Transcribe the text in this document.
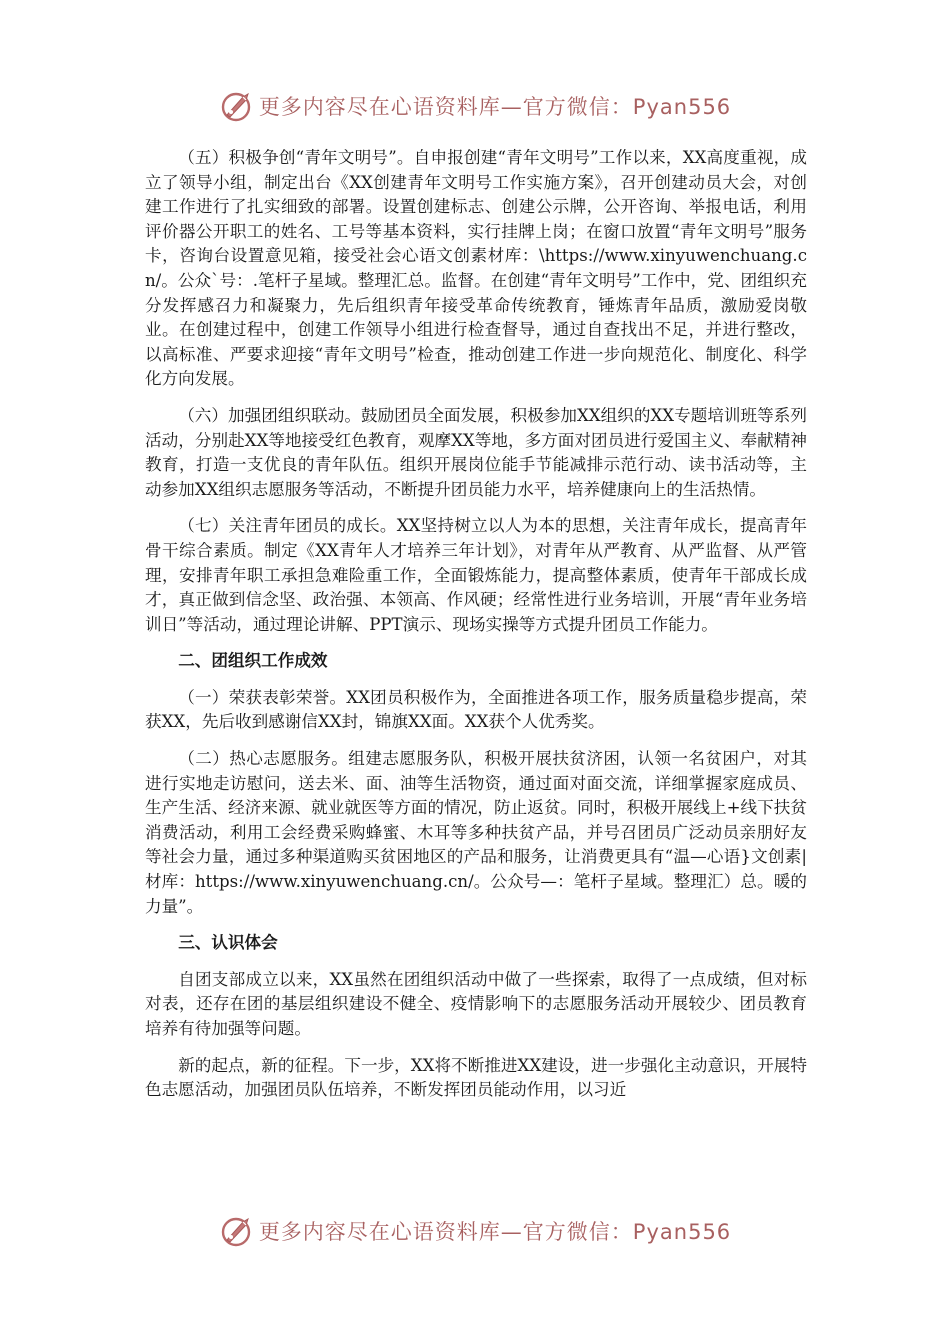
更多内容尽在心语资料库—官方微信：Pyan556

（五）积极争创“青年文明号”。自申报创建“青年文明号”工作以来，XX高度重视，成立了领导小组，制定出台《XX创建青年文明号工作实施方案》，召开创建动员大会，对创建工作进行了扎实细致的部署。设置创建标志、创建公示牌，公开咨询、举报电话，利用评价器公开职工的姓名、工号等基本资料，实行挂牌上岗；在窗口放置“青年文明号”服务卡，咨询台设置意见箱，接受社会心语文创素材库：\https://www.xinyuwenchuang.cn/。公众`号：.笔杆子星域。整理汇总。监督。在创建“青年文明号”工作中，党、团组织充分发挥感召力和凝聚力，先后组织青年接受革命传统教育，锤炼青年品质，激励爱岗敬业。在创建过程中，创建工作领导小组进行检查督导，通过自查找出不足，并进行整改，以高标准、严要求迎接“青年文明号”检查，推动创建工作进一步向规范化、制度化、科学化方向发展。

（六）加强团组织联动。鼓励团员全面发展，积极参加XX组织的XX专题培训班等系列活动，分别赴XX等地接受红色教育，观摩XX等地，多方面对团员进行爱国主义、奉献精神教育，打造一支优良的青年队伍。组织开展岗位能手节能减排示范行动、读书活动等，主动参加XX组织志愿服务等活动，不断提升团员能力水平，培养健康向上的生活热情。

（七）关注青年团员的成长。XX坚持树立以人为本的思想，关注青年成长，提高青年骨干综合素质。制定《XX青年人才培养三年计划》，对青年从严教育、从严监督、从严管理，安排青年职工承担急难险重工作，全面锻炼能力，提高整体素质，使青年干部成长成才，真正做到信念坚、政治强、本领高、作风硬；经常性进行业务培训，开展“青年业务培训日”等活动，通过理论讲解、PPT演示、现场实操等方式提升团员工作能力。

二、团组织工作成效

（一）荣获表彰荣誉。XX团员积极作为，全面推进各项工作，服务质量稳步提高，荣获XX，先后收到感谢信XX封，锦旗XX面。XX获个人优秀奖。

（二）热心志愿服务。组建志愿服务队，积极开展扶贫济困，认领一名贫困户，对其进行实地走访慰问，送去米、面、油等生活物资，通过面对面交流，详细掌握家庭成员、生产生活、经济来源、就业就医等方面的情况，防止返贫。同时，积极开展线上+线下扶贫消费活动，利用工会经费采购蜂蜜、木耳等多种扶贫产品，并号召团员广泛动员亲朋好友等社会力量，通过多种渠道购买贫困地区的产品和服务，让消费更具有“温—心语}文创素|材库：https://www.xinyuwenchuang.cn/。公众号—：笔杆子星域。整理汇）总。暖的力量”。

三、认识体会

自团支部成立以来，XX虽然在团组织活动中做了一些探索，取得了一点成绩，但对标对表，还存在团的基层组织建设不健全、疫情影响下的志愿服务活动开展较少、团员教育培养有待加强等问题。

新的起点，新的征程。下一步，XX将不断推进XX建设，进一步强化主动意识，开展特色志愿活动，加强团员队伍培养，不断发挥团员能动作用，以习近

更多内容尽在心语资料库—官方微信：Pyan556
